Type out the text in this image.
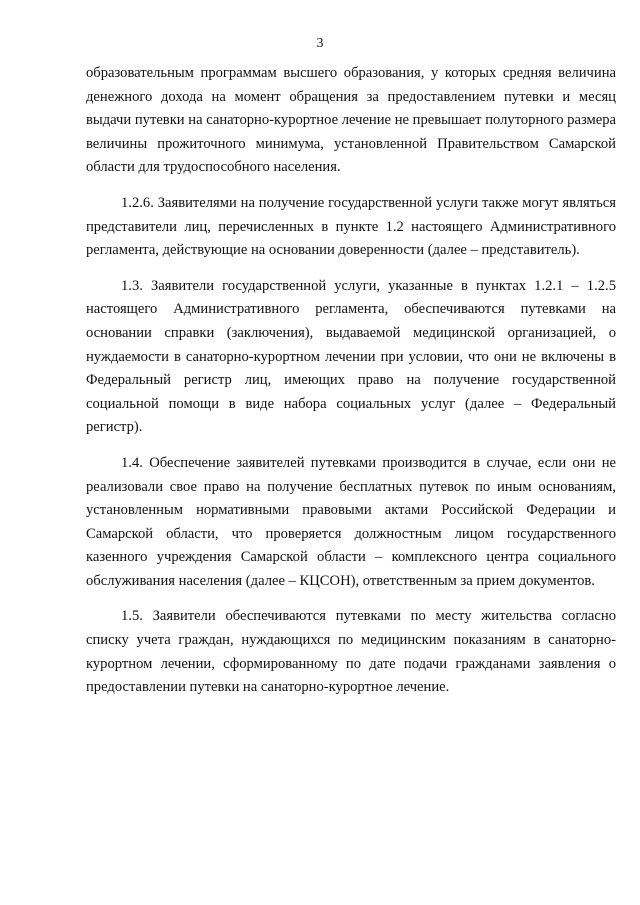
3

образовательным программам высшего образования, у которых средняя величина денежного дохода на момент обращения за предоставлением путевки и месяц выдачи путевки на санаторно-курортное лечение не превышает полуторного размера величины прожиточного минимума, установленной Правительством Самарской области для трудоспособного населения.

1.2.6. Заявителями на получение государственной услуги также могут являться представители лиц, перечисленных в пункте 1.2 настоящего Административного регламента, действующие на основании доверенности (далее – представитель).

1.3. Заявители государственной услуги, указанные в пунктах 1.2.1 – 1.2.5 настоящего Административного регламента, обеспечиваются путевками на основании справки (заключения), выдаваемой медицинской организацией, о нуждаемости в санаторно-курортном лечении при условии, что они не включены в Федеральный регистр лиц, имеющих право на получение государственной социальной помощи в виде набора социальных услуг (далее – Федеральный регистр).

1.4. Обеспечение заявителей путевками производится в случае, если они не реализовали свое право на получение бесплатных путевок по иным основаниям, установленным нормативными правовыми актами Российской Федерации и Самарской области, что проверяется должностным лицом государственного казенного учреждения Самарской области – комплексного центра социального обслуживания населения (далее – КЦСОН), ответственным за прием документов.

1.5. Заявители обеспечиваются путевками по месту жительства согласно списку учета граждан, нуждающихся по медицинским показаниям в санаторно-курортном лечении, сформированному по дате подачи гражданами заявления о предоставлении путевки на санаторно-курортное лечение.
